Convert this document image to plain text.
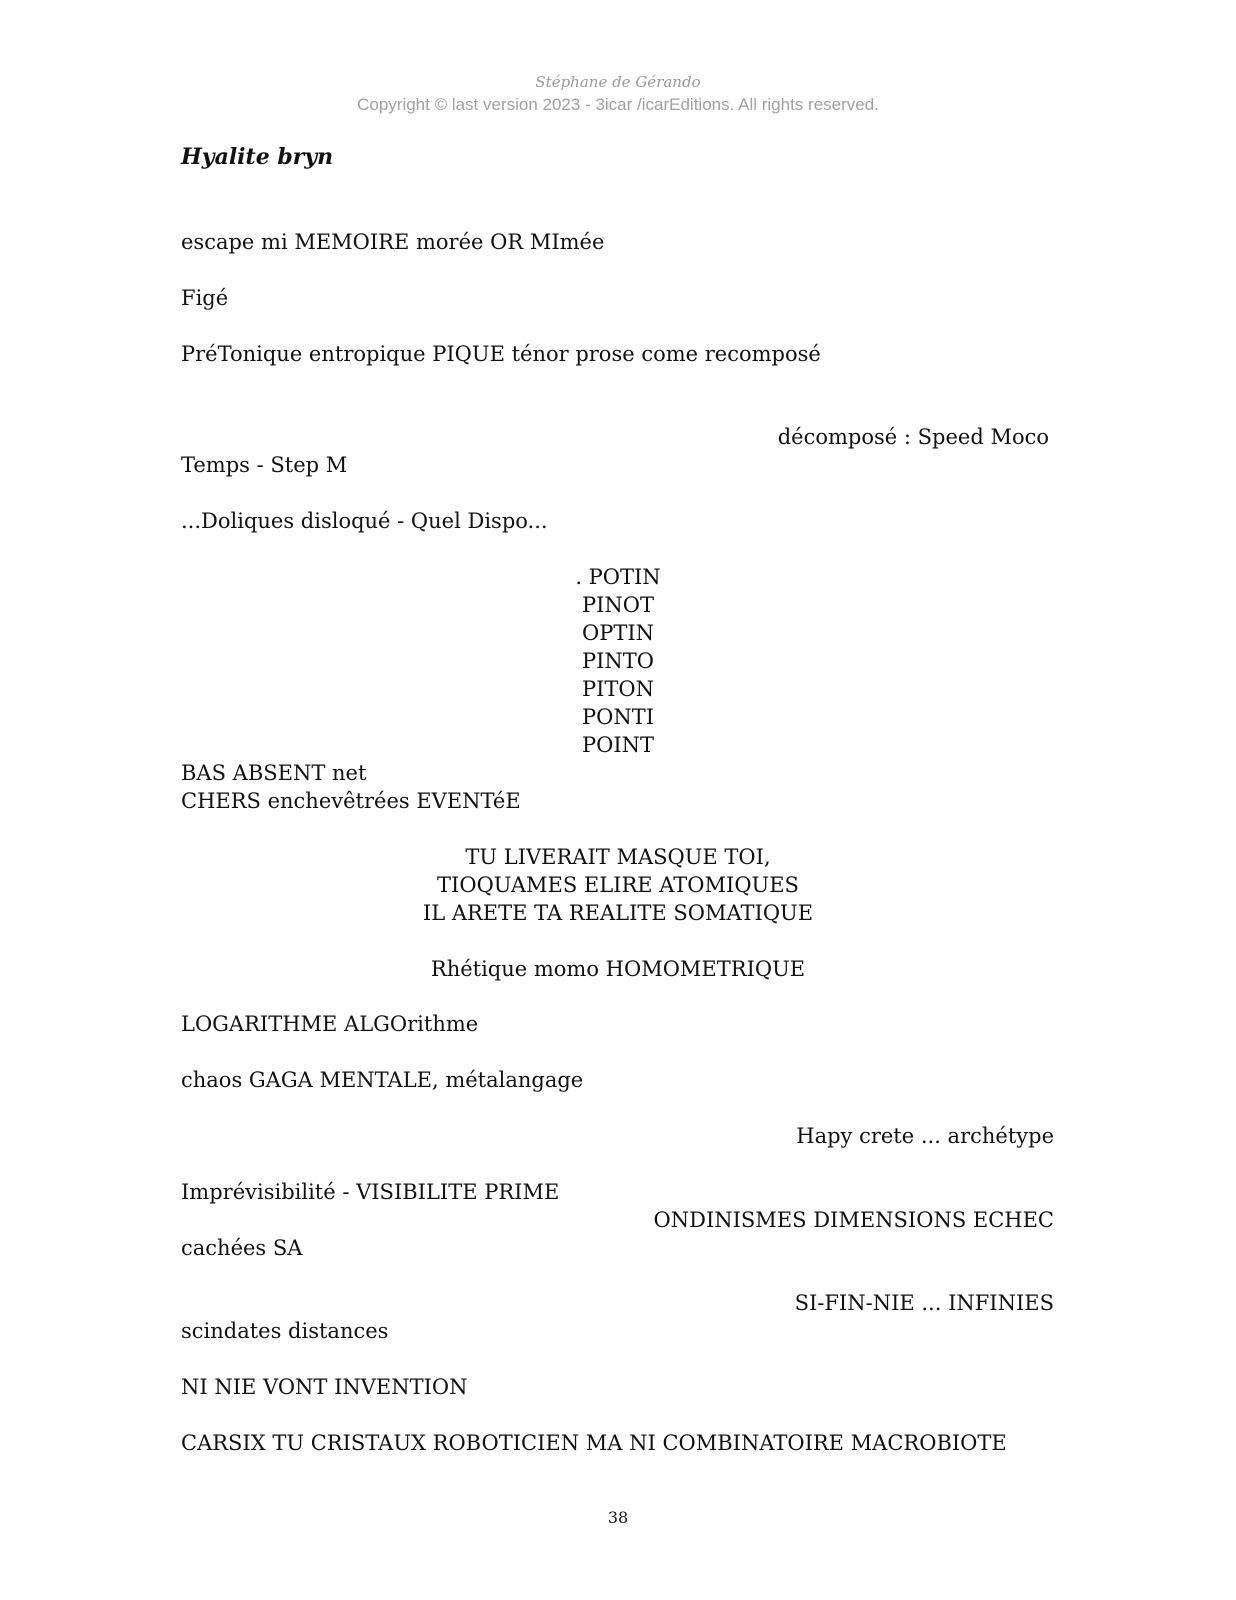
Stéphane de Gérando
Copyright © last version 2023 - 3icar /icarEditions. All rights reserved.
Hyalite bryn
escape mi MEMOIRE morée OR MImée
Figé
PréTonique entropique PIQUE ténor prose come recomposé
décomposé : Speed Moco
Temps - Step M
...Doliques disloqué - Quel Dispo...
. POTIN
PINOT
OPTIN
PINTO
PITON
PONTI
POINT
BAS ABSENT net
CHERS enchevêtrées EVENTéE
TU LIVERAIT MASQUE TOI,
TIOQUAMES ELIRE ATOMIQUES
IL ARETE TA REALITE SOMATIQUE
Rhétique momo HOMOMETRIQUE
LOGARITHME ALGOrithme
chaos GAGA MENTALE, métalangage
Hapy crete ... archétype
Imprévisibilité - VISIBILITE PRIME
ONDINISMES DIMENSIONS ECHEC
cachées SA
SI-FIN-NIE ... INFINIES
scindates distances
NI NIE VONT INVENTION
CARSIX TU CRISTAUX ROBOTICIEN MA NI COMBINATOIRE MACROBIOTE
38
